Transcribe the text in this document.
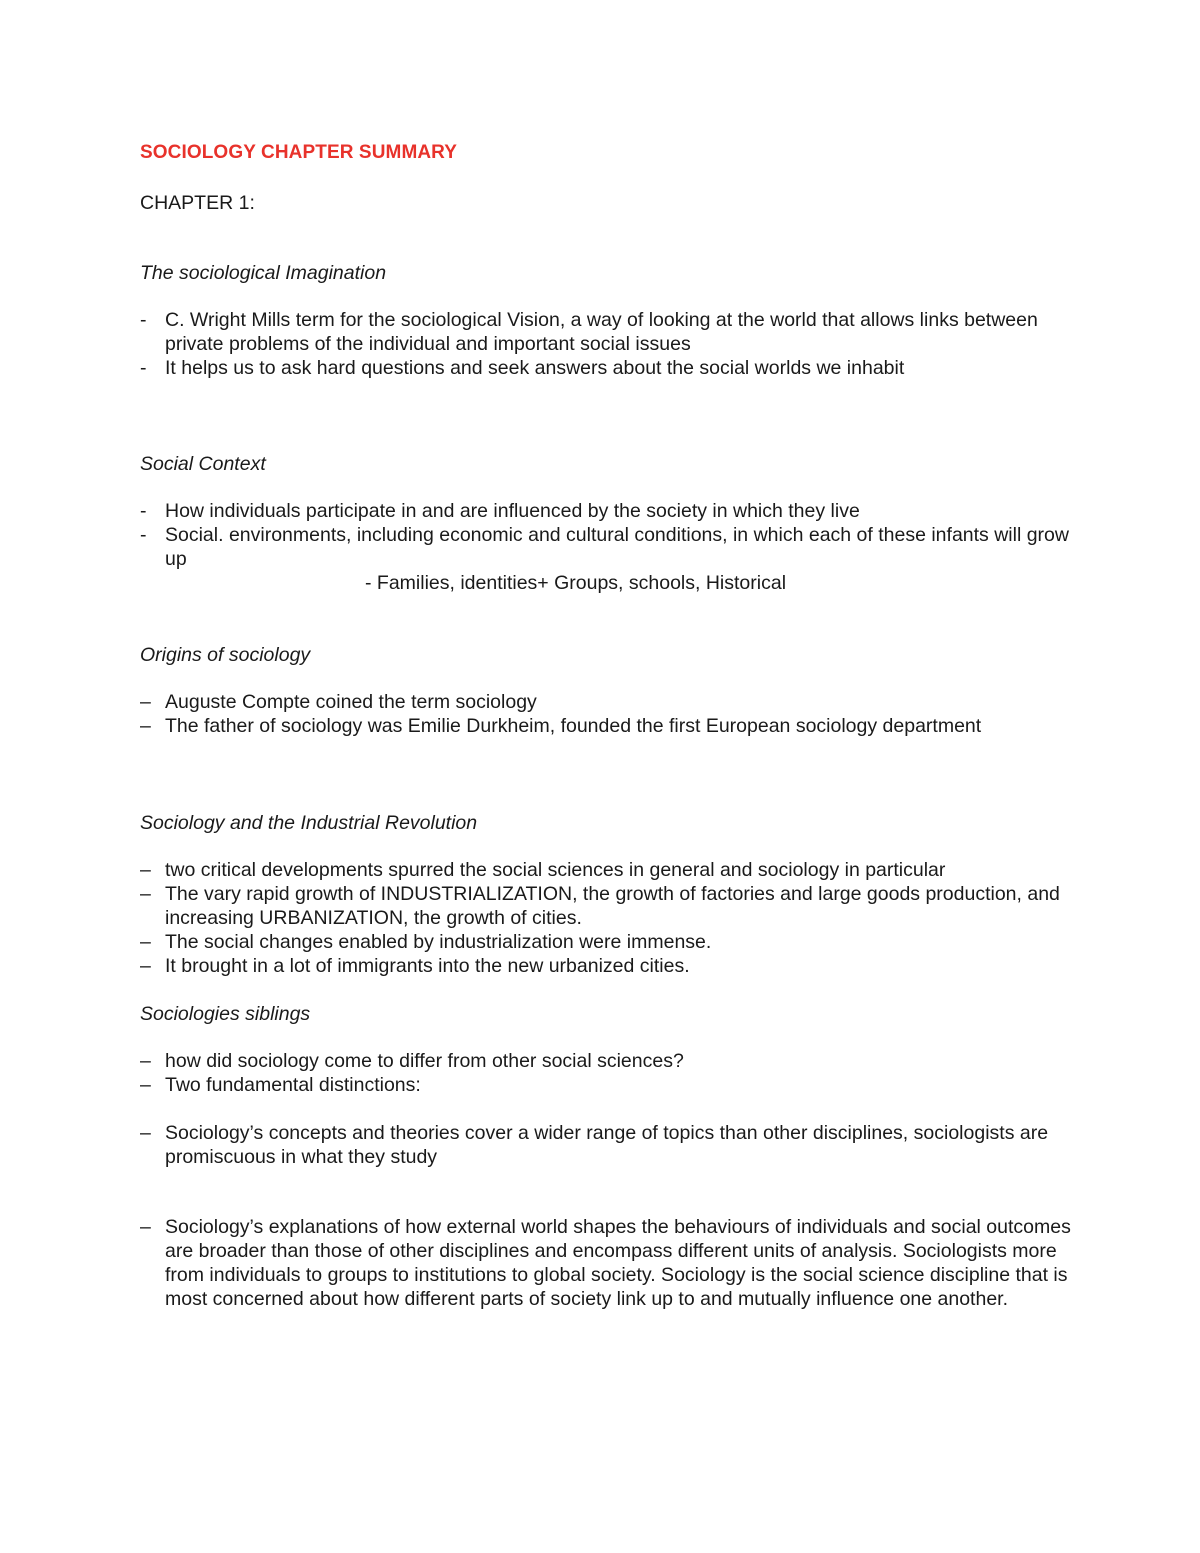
SOCIOLOGY CHAPTER SUMMARY
CHAPTER 1:

The sociological Imagination

- C. Wright Mills term for the sociological Vision, a way of looking at the world that allows links between private problems of the individual and important social issues
- It helps us to ask hard questions and seek answers about the social worlds we inhabit

Social Context

- How individuals participate in and are influenced by the society in which they live
- Social. environments, including economic and cultural conditions, in which each of these infants will grow up
- Families, identities+ Groups, schools, Historical

Origins of sociology

– Auguste Compte coined the term sociology
– The father of sociology was Emilie Durkheim, founded the first European sociology department

Sociology and the Industrial Revolution

– two critical developments spurred the social sciences in general and sociology in particular
– The vary rapid growth of INDUSTRIALIZATION, the growth of factories and large goods production, and increasing URBANIZATION, the growth of cities.
– The social changes enabled by industrialization were immense.
– It brought in a lot of immigrants into the new urbanized cities.

Sociologies siblings

– how did sociology come to differ from other social sciences?
– Two fundamental distinctions:
– Sociology’s concepts and theories cover a wider range of topics than other disciplines, sociologists are promiscuous in what they study
– Sociology’s explanations of how external world shapes the behaviours of individuals and social outcomes are broader than those of other disciplines and encompass different units of analysis. Sociologists more from individuals to groups to institutions to global society. Sociology is the social science discipline that is most concerned about how different parts of society link up to and mutually influence one another.
